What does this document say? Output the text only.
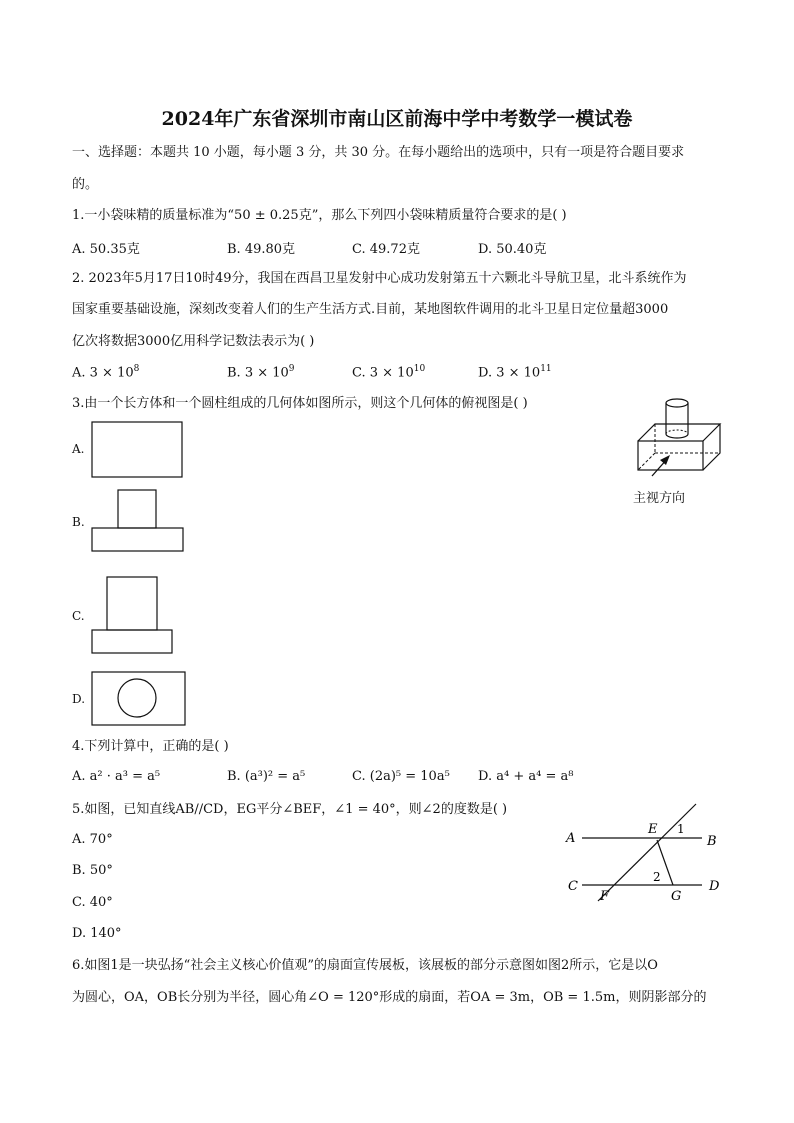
2024年广东省深圳市南山区前海中学中考数学一模试卷
一、选择题：本题共 10 小题，每小题 3 分，共 30 分。在每小题给出的选项中，只有一项是符合题目要求
的。
1.一小袋味精的质量标准为“50 ± 0.25克”，那么下列四小袋味精质量符合要求的是( )
A. 50.35克	B. 49.80克	C. 49.72克	D. 50.40克
2. 2023年5月17日10时49分，我国在西昌卫星发射中心成功发射第五十六颗北斗导航卫星，北斗系统作为
国家重要基础设施，深刻改变着人们的生产生活方式.目前，某地图软件调用的北斗卫星日定位量超3000
亿次将数据3000亿用科学记数法表示为( )
A. $3 \times 10^8$	B. $3 \times 10^9$	C. $3 \times 10^{10}$	D. $3 \times 10^{11}$
3.由一个长方体和一个圆柱组成的几何体如图所示，则这个几何体的俯视图是( )
A.
B.
C.
D.
主视方向
4.下列计算中，正确的是( )
A. a² · a³ = a⁵	B. (a³)² = a⁵	C. (2a)⁵ = 10a⁵ D. a⁴ + a⁴ = a⁸
5.如图，已知直线AB//CD，EG平分∠BEF，∠1 = 40°，则∠2的度数是( )
A. 70°
B. 50°
C. 40°
D. 140°
A	B
C	D
E
F	G
1
2
6.如图1是一块弘扬“社会主义核心价值观”的扇面宣传展板，该展板的部分示意图如图2所示，它是以O
为圆心，OA，OB长分别为半径，圆心角∠O = 120°形成的扇面，若OA = 3m，OB = 1.5m，则阴影部分的
